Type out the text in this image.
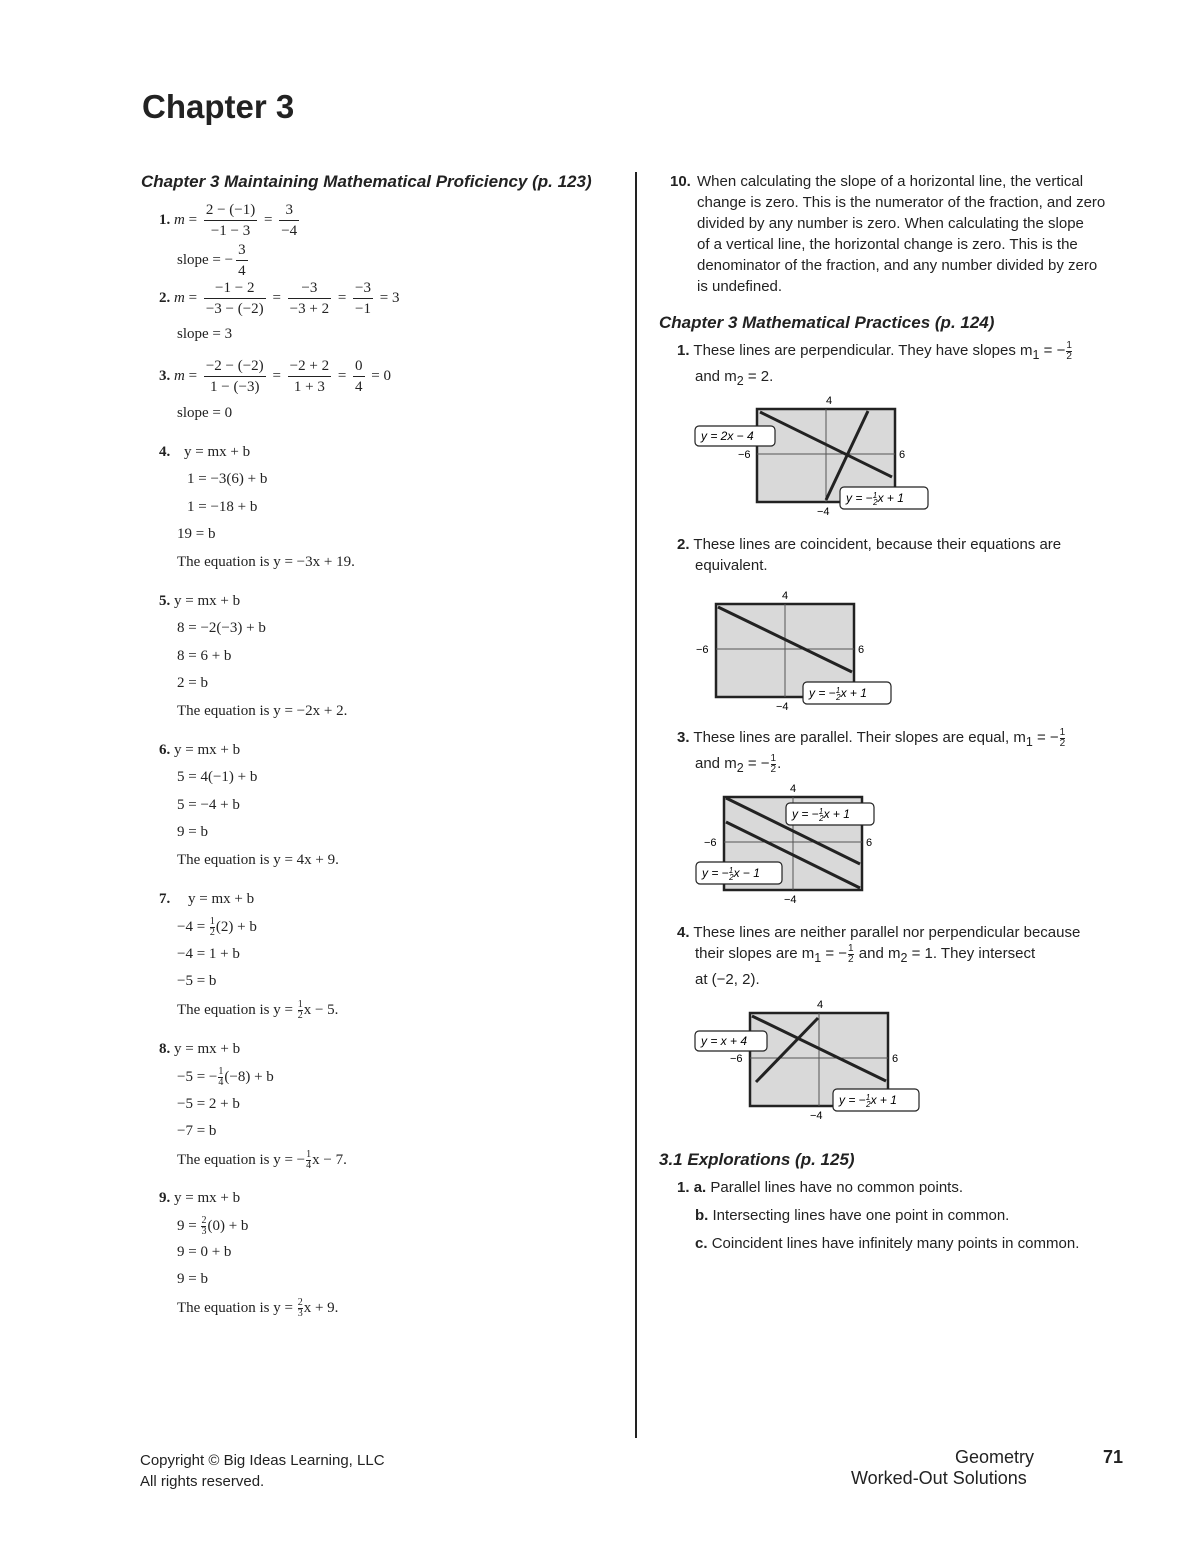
Chapter 3
Chapter 3 Maintaining Mathematical Proficiency (p. 123)
1. $m = \frac{2 - (-1)}{-1 - 3} = \frac{3}{-4}$
slope = − $\frac{3}{4}$
2. $m = \frac{-1 - 2}{-3 - (-2)} = \frac{-3}{-3 + 2} = \frac{-3}{-1} = 3$
slope = 3
3. $m = \frac{-2 - (-2)}{1 - (-3)} = \frac{-2 + 2}{1 + 3} = \frac{0}{4} = 0$
slope = 0
4. y = mx + b
1 = −3(6) + b
1 = −18 + b
19 = b
The equation is y = −3x + 19.
5. y = mx + b
8 = −2(−3) + b
8 = 6 + b
2 = b
The equation is y = −2x + 2.
6. y = mx + b
5 = 4(−1) + b
5 = −4 + b
9 = b
The equation is y = 4x + 9.
7. y = mx + b
$-4 = \frac{1}{2} (2) + b$
−4 = 1 + b
−5 = b
The equation is $y = \frac{1}{2}$ x − 5.
8. y = mx + b
−5 = − $\frac{1}{4} (-8) + b$
−5 = 2 + b
−7 = b
The equation is y = − $\frac{1}{4}$ x − 7.
9. y = mx + b
$9 = \frac{2}{3} (0) + b$
9 = 0 + b
9 = b
The equation is $y = \frac{2}{3}$ x + 9.
10. When calculating the slope of a horizontal line, the vertical
change is zero. This is the numerator of the fraction, and zero
divided by any number is zero. When calculating the slope
of a vertical line, the horizontal change is zero. This is the
denominator of the fraction, and any number divided by zero
is undefined.
Chapter 3 Mathematical Practices (p. 124)
1. These lines are perpendicular. They have slopes $m_1$ = − $\frac{1}{2}$
and $m_2 = 2$.
4
−6	6
−4
y = 2x − 4
y = −$^1$ 2x + 1
2. These lines are coincident, because their equations are
equivalent.
4
−6	6
−4
y = −$^1$ 2x + 1
3. These lines are parallel. Their slopes are equal, $m_1$ = − $\frac{1}{2}$
and $m_2$ = − $\frac{1}{2}$ .
4
−6	6
−4
y = −$^1$ 2x + 1
y = −$^1$ 2x − 1
4. These lines are neither parallel nor perpendicular because
their slopes are $m_1$ = − $\frac{1}{2}$ and $m_2 = 1$. They intersect
at (−2, 2).
4
−6	6
−4
y = x + 4
y = −$^1$ 2x + 1
3.1 Explorations (p. 125)
1. a. Parallel lines have no common points.
b. Intersecting lines have one point in common.
c. Coincident lines have infinitely many points in common.
Copyright © Big Ideas Learning, LLC
All rights reserved.
Geometry	71
Worked-Out Solutions
